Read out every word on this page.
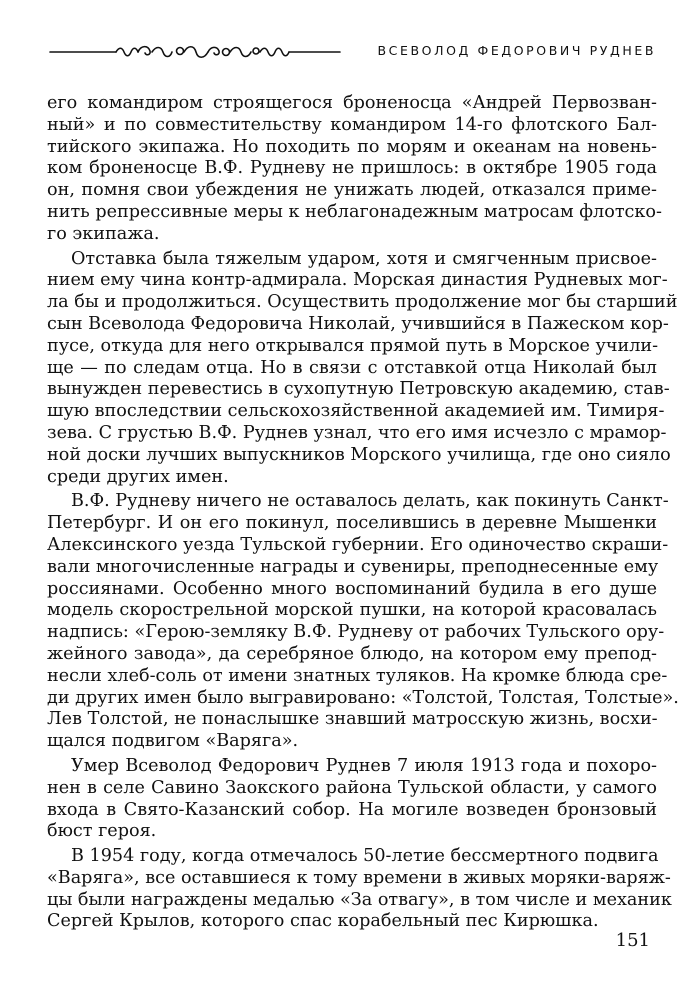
ВСЕВОЛОД ФЕДОРОВИЧ РУДНЕВ

его командиром строящегося броненосца «Андрей Первозван-
ный» и по совместительству командиром 14-го флотского Бал-
тийского экипажа. Но походить по морям и океанам на новень-
ком броненосце В.Ф. Рудневу не пришлось: в октябре 1905 года
он, помня свои убеждения не унижать людей, отказался приме-
нить репрессивные меры к неблагонадежным матросам флотско-
го экипажа.

Отставка была тяжелым ударом, хотя и смягченным присвое-
нием ему чина контр-адмирала. Морская династия Рудневых мог-
ла бы и продолжиться. Осуществить продолжение мог бы старший
сын Всеволода Федоровича Николай, учившийся в Пажеском кор-
пусе, откуда для него открывался прямой путь в Морское учили-
ще — по следам отца. Но в связи с отставкой отца Николай был
вынужден перевестись в сухопутную Петровскую академию, став-
шую впоследствии сельскохозяйственной академией им. Тимиря-
зева. С грустью В.Ф. Руднев узнал, что его имя исчезло с мрамор-
ной доски лучших выпускников Морского училища, где оно сияло
среди других имен.

В.Ф. Рудневу ничего не оставалось делать, как покинуть Санкт-
Петербург. И он его покинул, поселившись в деревне Мышенки
Алексинского уезда Тульской губернии. Его одиночество скраши-
вали многочисленные награды и сувениры, преподнесенные ему
россиянами. Особенно много воспоминаний будила в его душе
модель скорострельной морской пушки, на которой красовалась
надпись: «Герою-земляку В.Ф. Рудневу от рабочих Тульского ору-
жейного завода», да серебряное блюдо, на котором ему препод-
несли хлеб-соль от имени знатных туляков. На кромке блюда сре-
ди других имен было выгравировано: «Толстой, Толстая, Толстые».
Лев Толстой, не понаслышке знавший матросскую жизнь, восхи-
щался подвигом «Варяга».

Умер Всеволод Федорович Руднев 7 июля 1913 года и похоро-
нен в селе Савино Заокского района Тульской области, у самого
входа в Свято-Казанский собор. На могиле возведен бронзовый
бюст героя.

В 1954 году, когда отмечалось 50-летие бессмертного подвига
«Варяга», все оставшиеся к тому времени в живых моряки-варяж-
цы были награждены медалью «За отвагу», в том числе и механик
Сергей Крылов, которого спас корабельный пес Кирюшка.

151
